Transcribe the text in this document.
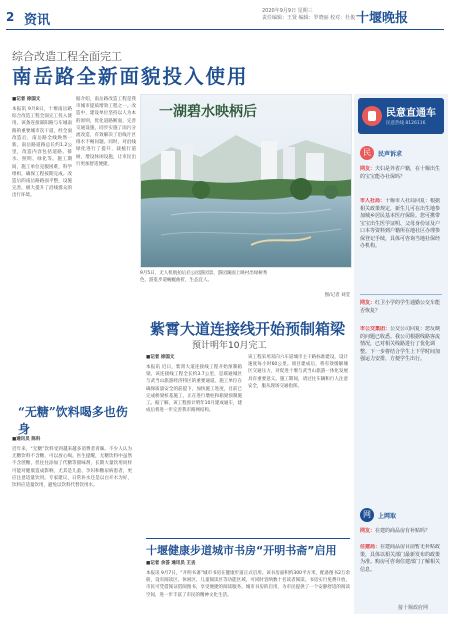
2 资讯
2020年9月9日 星期三
责任编辑：王贤 编辑：罗晓丽 校对：杜俊 十堰晚报
综合改造工程全面完工
南岳路全新面貌投入使用
■记者 徐国文
本报讯 9月8日，十堰南岳路综合改造工程全面完工投入使用。该条连接郧阳路与车城南路的重要城市次干道，经全面改造后，南岳路全线焕然一新。南岳路道路总长约1.2公里，改造内容包括道路、排水、照明、绿化等。施工期间，施工单位克服困难，科学组织，确保工程按期完成。改造后的南岳路路面平整，设施完善，极大提升了沿线群众的出行环境。
据介绍，南岳路改造工程是我市城市提质增效工程之一。改造中，建设单位坚持以人为本的原则，优化道路断面，完善交通设施，同步实施了雨污分流改造，有效解决了沿线片区排水不畅问题。同时，对沿线绿化进行了提升，栽植行道树，增设休闲设施，让市民出行更加舒适便捷。
一湖碧水映柄后
9月5日，无人机航拍后启公园游园景，游园湖面上映衬出绿树秀色，游览步道蜿蜒曲折，生态宜人。
图/记者 刘莹
“无糖”饮料喝多也伤身
■通讯员 陈科
近年来，“无糖”饮料受到越来越多消费者青睐。不少人认为无糖饮料不含糖，可以放心喝。医生提醒，无糖饮料中虽然不含蔗糖，但往往添加了代糖等甜味剂，长期大量饮用同样可能对健康造成影响，尤其是儿童、孕妇和糖尿病患者，更应注意适量饮用。专家建议，日常补水还是以白开水为好，饮料应适量饮用，避免以饮料代替饮用水。
紫霄大道连接线开始预制箱梁
预计明年10月完工
■记者 徐国文
本报讯 近日，紫霄大道连接线工程开始预制箱梁。该连接线工程全长约3.7公里，是联通城区与武当山旅游经济特区的重要通道。施工单位在确保质量安全的前提下，加快施工进度，目前已完成桥梁桩基施工，正在进行墩柱和箱梁预制施工。据了解，该工程预计明年10月建成通车，建成后将进一步完善我市路网结构。
该工程采用双向六车道城市主干路标准建设，设计速度每小时60公里。项目建成后，将有效缓解城区交通压力，对促进十堰与武当山旅游一体化发展具有重要意义。施工期间，请过往车辆和行人注意安全，服从现场交通指挥。
十堰健康步道城市书房“开明书斋”启用
■记者 余荟 通讯员 王丢
本报讯 9月7日，“开明书斋”城市书房在健康步道正式启用。该书房面积约300平方米，配备图书2万余册，设有阅读区、休闲区、儿童阅读区等功能区域，可同时容纳数十名读者阅读。书房实行免费开放，市民可凭借阅证借阅图书，享受便捷的阅读服务。城市书房的启用，为市民提供了一个安静舒适的阅读空间，进一步丰富了市民的精神文化生活。
民意直通车
民意热线 8126116
民	民声诉求
网友：夫妇是外省户籍，在十堰出生的宝宝能办社保吗？
市人社局：十堰市人社局回复：根据相关政策规定，新生儿可在出生地参加城乡居民基本医疗保险。您可携带宝宝出生医学证明、父母身份证及户口本等资料到户籍所在地社区办理参保登记手续，具体可咨询当地社保经办机构。
网友：红卫小学的学生通勤公交车能否恢复？
市公交集团：公交公司回复：您反映的问题已收悉。我公司根据线路客流情况，已对相关线路进行了优化调整。下一步将结合学生上下学时间加强运力安排，方便学生出行。
网	上网取
网友：在建的商品房有补贴吗？
住建局：在建商品房目前暂无补贴政策，具体以相关部门最新发布的政策为准。购房可咨询住建部门了解相关信息。
接十堰政府网
